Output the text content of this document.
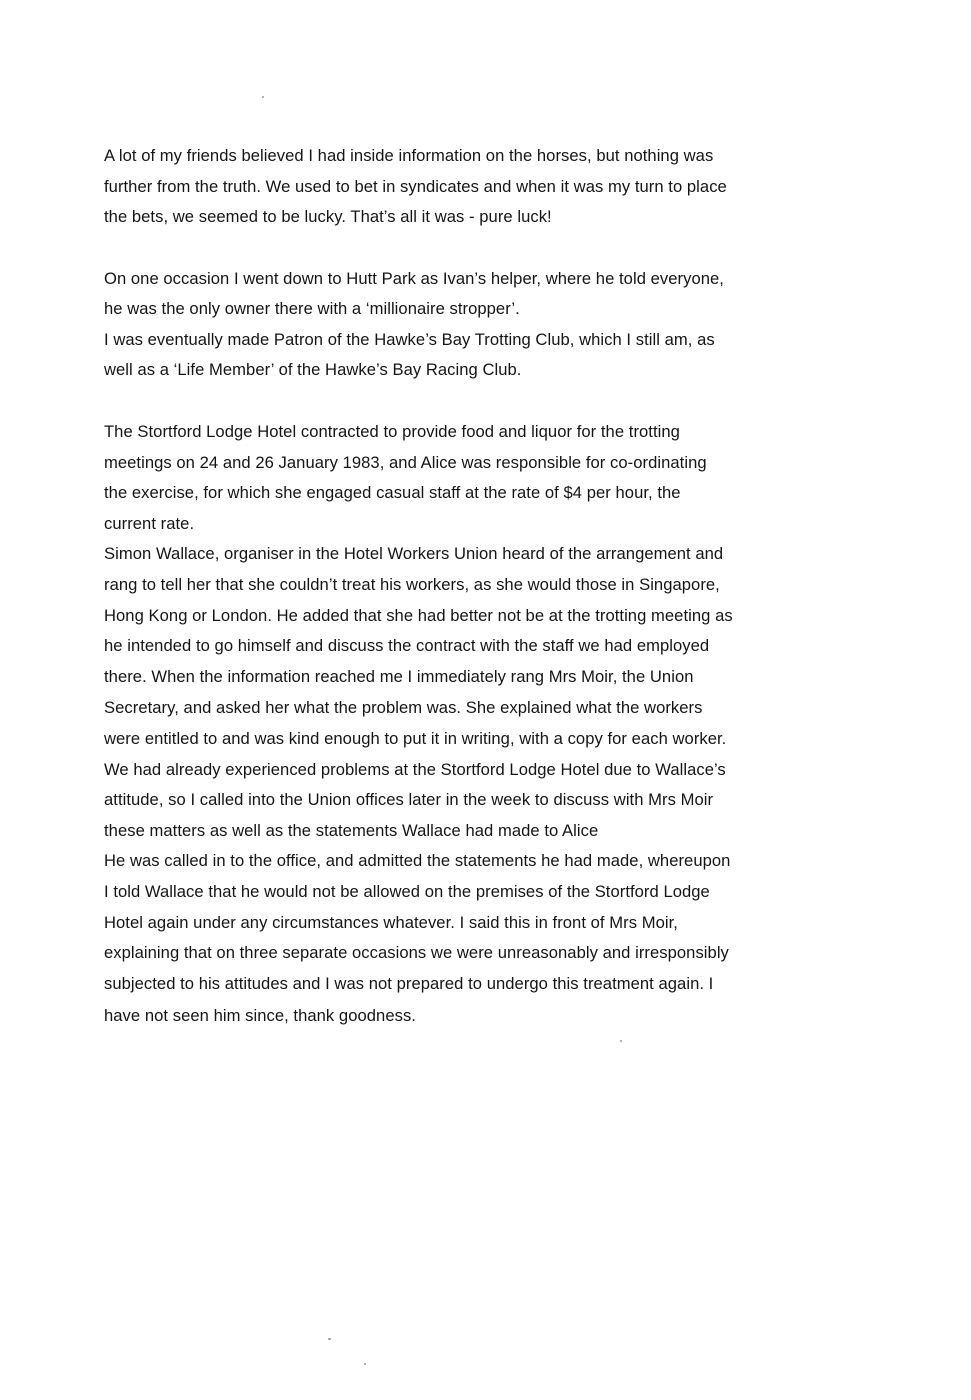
A lot of my friends believed I had inside information on the horses, but nothing was
further from the truth. We used to bet in syndicates and when it was my turn to place
the bets, we seemed to be lucky. That’s all it was - pure luck!
On one occasion I went down to Hutt Park as Ivan’s helper, where he told everyone,
he was the only owner there with a ‘millionaire stropper’.
I was eventually made Patron of the Hawke’s Bay Trotting Club, which I still am, as
well as a ‘Life Member’ of the Hawke’s Bay Racing Club.
The Stortford Lodge Hotel contracted to provide food and liquor for the trotting
meetings on 24 and 26 January 1983, and Alice was responsible for co-ordinating
the exercise, for which she engaged casual staff at the rate of $4 per hour, the
current rate.
Simon Wallace, organiser in the Hotel Workers Union heard of the arrangement and
rang to tell her that she couldn’t treat his workers, as she would those in Singapore,
Hong Kong or London. He added that she had better not be at the trotting meeting as
he intended to go himself and discuss the contract with the staff we had employed
there. When the information reached me I immediately rang Mrs Moir, the Union
Secretary, and asked her what the problem was. She explained what the workers
were entitled to and was kind enough to put it in writing, with a copy for each worker.
We had already experienced problems at the Stortford Lodge Hotel due to Wallace’s
attitude, so I called into the Union offices later in the week to discuss with Mrs Moir
these matters as well as the statements Wallace had made to Alice
He was called in to the office, and admitted the statements he had made, whereupon
I told Wallace that he would not be allowed on the premises of the Stortford Lodge
Hotel again under any circumstances whatever. I said this in front of Mrs Moir,
explaining that on three separate occasions we were unreasonably and irresponsibly
subjected to his attitudes and I was not prepared to undergo this treatment again. I
have not seen him since, thank goodness.
